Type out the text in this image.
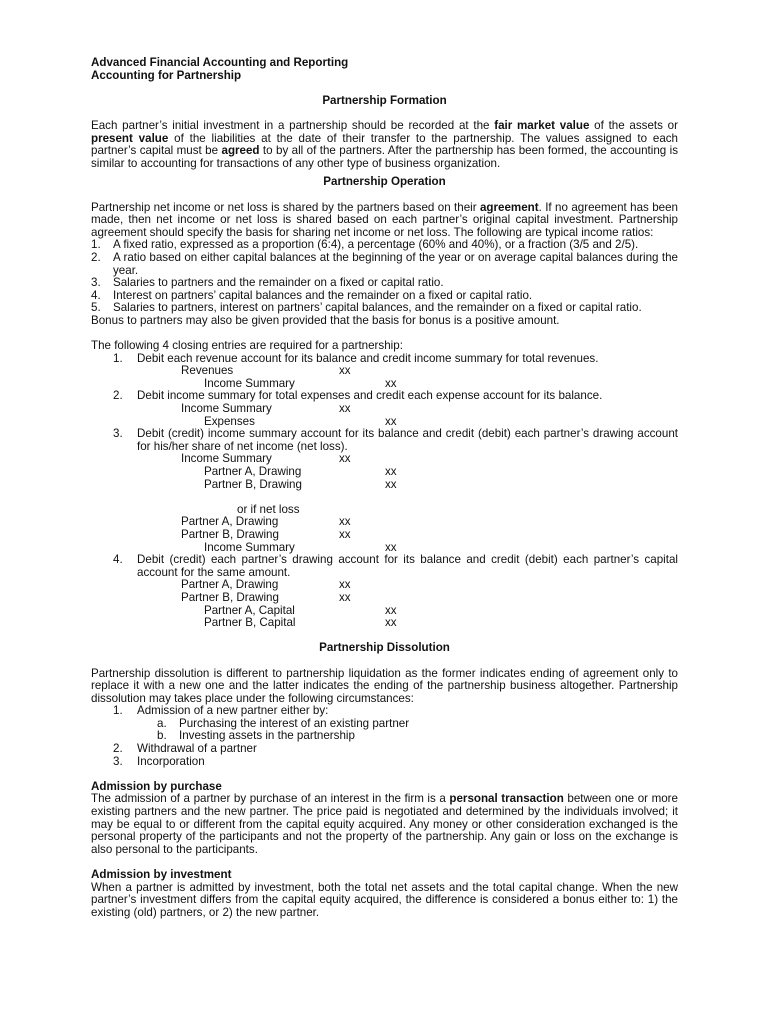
Advanced Financial Accounting and Reporting
Accounting for Partnership
Partnership Formation

Each partner’s initial investment in a partnership should be recorded at the fair market value of the assets or present value of the liabilities at the date of their transfer to the partnership. The values assigned to each partner’s capital must be agreed to by all of the partners. After the partnership has been formed, the accounting is similar to accounting for transactions of any other type of business organization.

Partnership Operation

Partnership net income or net loss is shared by the partners based on their agreement. If no agreement has been made, then net income or net loss is shared based on each partner’s original capital investment. Partnership agreement should specify the basis for sharing net income or net loss. The following are typical income ratios:

1.	A fixed ratio, expressed as a proportion (6:4), a percentage (60% and 40%), or a fraction (3/5 and 2/5).
2.	A ratio based on either capital balances at the beginning of the year or on average capital balances during the year.
3.	Salaries to partners and the remainder on a fixed or capital ratio.
4.	Interest on partners’ capital balances and the remainder on a fixed or capital ratio.
5.	Salaries to partners, interest on partners’ capital balances, and the remainder on a fixed or capital ratio.

Bonus to partners may also be given provided that the basis for bonus is a positive amount.

The following 4 closing entries are required for a partnership:

1.	Debit each revenue account for its balance and credit income summary for total revenues.
Revenues	xx
Income Summary	xx
2.	Debit income summary for total expenses and credit each expense account for its balance.
Income Summary	xx
Expenses	xx
3.	Debit (credit) income summary account for its balance and credit (debit) each partner’s drawing account for his/her share of net income (net loss).
Income Summary	xx
Partner A, Drawing	xx
Partner B, Drawing	xx
or if net loss
Partner A, Drawing	xx
Partner B, Drawing	xx
Income Summary	xx
4.	Debit (credit) each partner’s drawing account for its balance and credit (debit) each partner’s capital account for the same amount.
Partner A, Drawing	xx
Partner B, Drawing	xx
Partner A, Capital	xx
Partner B, Capital	xx
Partnership Dissolution

Partnership dissolution is different to partnership liquidation as the former indicates ending of agreement only to replace it with a new one and the latter indicates the ending of the partnership business altogether. Partnership dissolution may takes place under the following circumstances:

1.	Admission of a new partner either by:
a.	Purchasing the interest of an existing partner
b.	Investing assets in the partnership
2.	Withdrawal of a partner
3.	Incorporation
Admission by purchase

The admission of a partner by purchase of an interest in the firm is a personal transaction between one or more existing partners and the new partner. The price paid is negotiated and determined by the individuals involved; it may be equal to or different from the capital equity acquired. Any money or other consideration exchanged is the personal property of the participants and not the property of the partnership. Any gain or loss on the exchange is also personal to the participants.

Admission by investment

When a partner is admitted by investment, both the total net assets and the total capital change. When the new partner’s investment differs from the capital equity acquired, the difference is considered a bonus either to: 1) the existing (old) partners, or 2) the new partner.
